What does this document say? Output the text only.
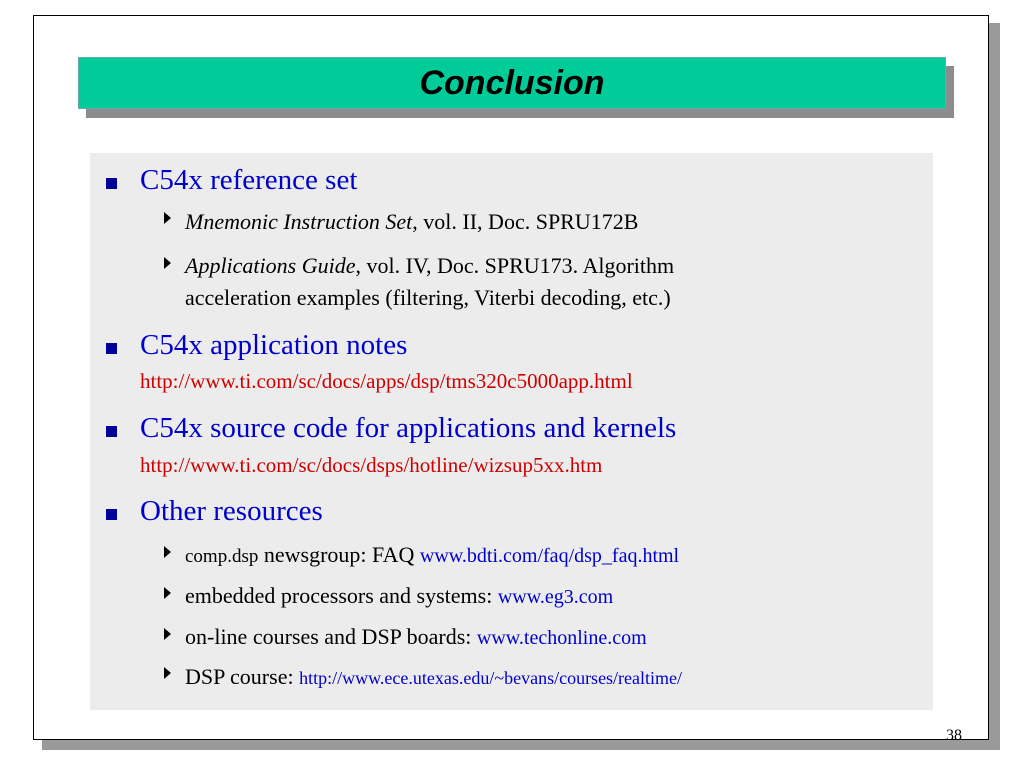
Conclusion
C54x reference set
Mnemonic Instruction Set, vol. II, Doc. SPRU172B
Applications Guide, vol. IV, Doc. SPRU173. Algorithm
acceleration examples (filtering, Viterbi decoding, etc.)
C54x application notes
http://www.ti.com/sc/docs/apps/dsp/tms320c5000app.html
C54x source code for applications and kernels
http://www.ti.com/sc/docs/dsps/hotline/wizsup5xx.htm
Other resources
comp.dsp newsgroup: FAQ www.bdti.com/faq/dsp_faq.html
embedded processors and systems: www.eg3.com
on-line courses and DSP boards: www.techonline.com
DSP course: http://www.ece.utexas.edu/~bevans/courses/realtime/
38
